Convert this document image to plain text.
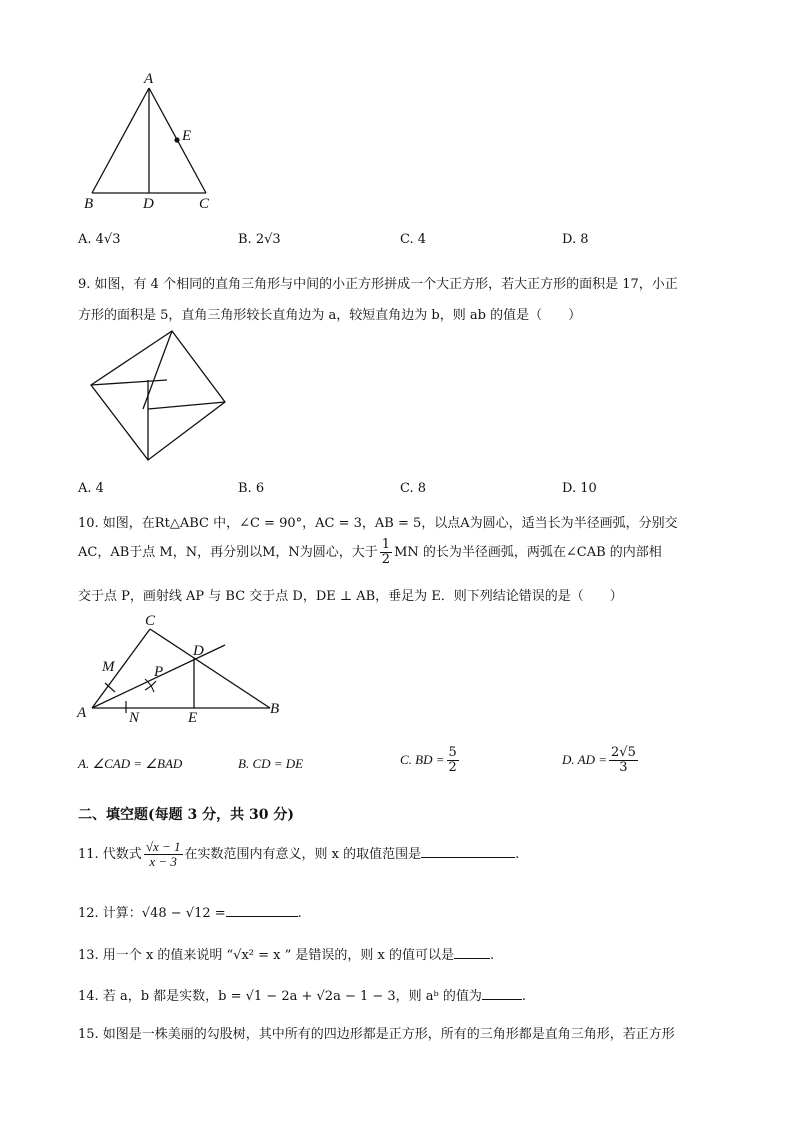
A
E
B	D	C
A. 4√3	B. 2√3	C. 4	D. 8
9. 如图，有 4 个相同的直角三角形与中间的小正方形拼成一个大正方形，若大正方形的面积是 17，小正
方形的面积是 5，直角三角形较长直角边为 a，较短直角边为 b，则 ab 的值是（　　）
A. 4	B. 6	C. 8	D. 10
10. 如图，在Rt△ABC 中，∠C = 90°，AC = 3，AB = 5，以点A为圆心，适当长为半径画弧，分别交
AC，AB于点 M，N，再分别以M，N为圆心，大于 $\frac{1}{2}$ MN 的长为半径画弧，两弧在∠CAB 的内部相
交于点 P，画射线 AP 与 BC 交于点 D，DE ⊥ AB，垂足为 E．则下列结论错误的是（　　）
C
M
D
P
A	N	E
B
A. ∠CAD = ∠BAD	B. CD = DE	C. BD = $\frac{5}{2}$	D. AD = $\frac{2√5}{3}$
二、填空题(每题 3 分，共 30 分)
11. 代数式 $\frac{√x - 1}{x - 3}$ 在实数范围内有意义，则 x 的取值范围是	.
12. 计算：√48 − √12 =	.
13. 用一个 x 的值来说明 “√x² = x ” 是错误的，则 x 的值可以是	.
14. 若 a，b 都是实数，b = √1 − 2a + √2a − 1 − 3，则 aᵇ 的值为	.
15. 如图是一株美丽的勾股树，其中所有的四边形都是正方形，所有的三角形都是直角三角形，若正方形
